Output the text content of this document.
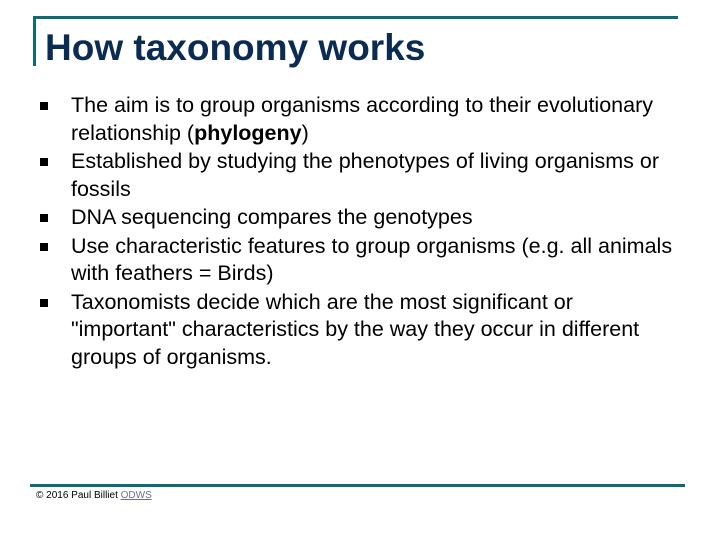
How taxonomy works
The aim is to group organisms according to their evolutionary relationship (phylogeny)
Established by studying the phenotypes of living organisms or fossils
DNA sequencing compares the genotypes
Use characteristic features to group organisms (e.g. all animals with feathers = Birds)
Taxonomists decide which are the most significant or "important" characteristics by the way they occur in different groups of organisms.
© 2016 Paul Billiet ODWS
